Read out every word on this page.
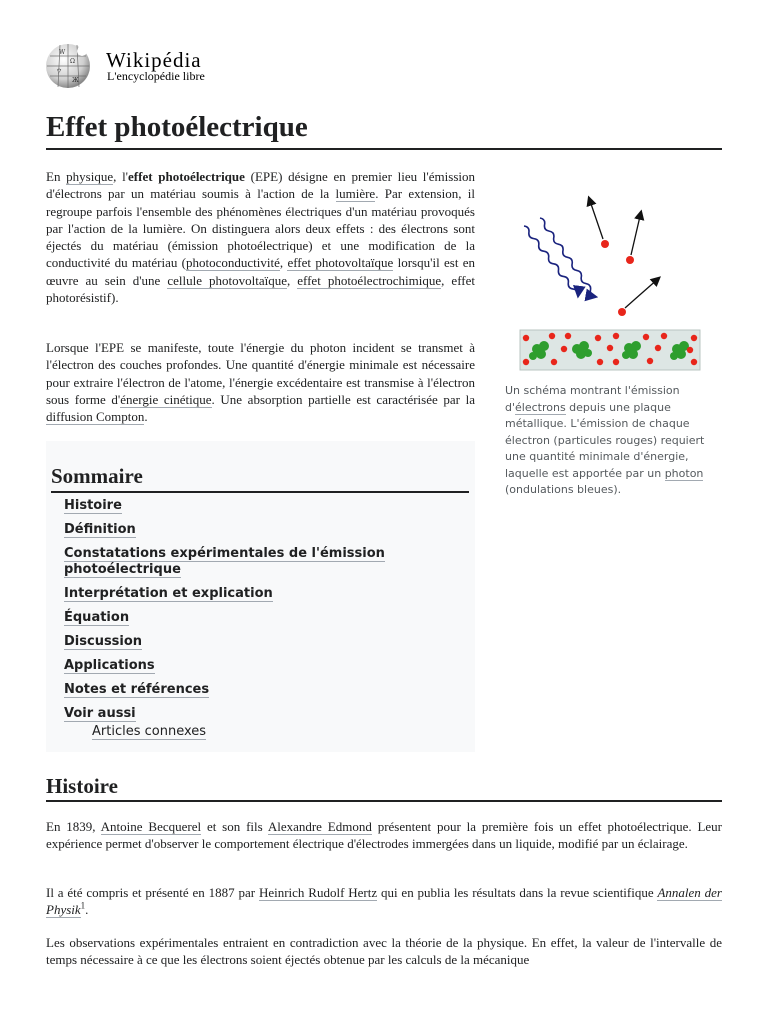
W
Ω
ウ
Ж
Wikipédia
L'encyclopédie libre
Effet photoélectrique

En physique, l'effet photoélectrique (EPE) désigne en premier lieu l'émission d'électrons par un matériau soumis à l'action de la lumière. Par extension, il regroupe parfois l'ensemble des phénomènes électriques d'un matériau provoqués par l'action de la lumière. On distinguera alors deux effets : des électrons sont éjectés du matériau (émission photoélectrique) et une modification de la conductivité du matériau (photoconductivité, effet photovoltaïque lorsqu'il est en œuvre au sein d'une cellule photovoltaïque, effet photoélectrochimique, effet photorésistif).

Lorsque l'EPE se manifeste, toute l'énergie du photon incident se transmet à l'électron des couches profondes. Une quantité d'énergie minimale est nécessaire pour extraire l'électron de l'atome, l'énergie excédentaire est transmise à l'électron sous forme d'énergie cinétique. Une absorption partielle est caractérisée par la diffusion Compton.

Un schéma montrant l'émission d'électrons depuis une plaque métallique. L'émission de chaque électron (particules rouges) requiert une quantité minimale d'énergie, laquelle est apportée par un photon (ondulations bleues).
Sommaire
Histoire
Définition
Constatations expérimentales de l'émission photoélectrique
Interprétation et explication
Équation
Discussion
Applications
Notes et références
Voir aussi
Articles connexes
Histoire

En 1839, Antoine Becquerel et son fils Alexandre Edmond présentent pour la première fois un effet photoélectrique. Leur expérience permet d'observer le comportement électrique d'électrodes immergées dans un liquide, modifié par un éclairage.

Il a été compris et présenté en 1887 par Heinrich Rudolf Hertz qui en publia les résultats dans la revue scientifique Annalen der Physik$^1$.

Les observations expérimentales entraient en contradiction avec la théorie de la physique. En effet, la valeur de l'intervalle de temps nécessaire à ce que les électrons soient éjectés obtenue par les calculs de la mécanique
